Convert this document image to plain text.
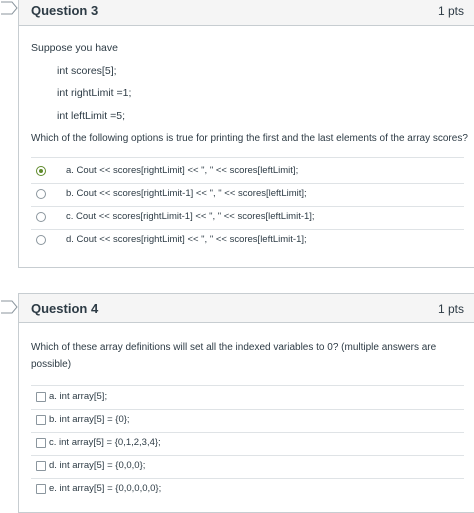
Question 3	1 pts
Suppose you have
int scores[5];
int rightLimit =1;
int leftLimit =5;
Which of the following options is true for printing the first and the last elements of the array scores?
a. Cout << scores[rightLimit] << ", " << scores[leftLimit];
b. Cout << scores[rightLimit-1] << ", " << scores[leftLimit];
c. Cout << scores[rightLimit-1] << ", " << scores[leftLimit-1];
d. Cout << scores[rightLimit] << ", " << scores[leftLimit-1];
Question 4	1 pts
Which of these array definitions will set all the indexed variables to 0? (multiple answers are
possible)
a. int array[5];
b. int array[5] = {0};
c. int array[5] = {0,1,2,3,4};
d. int array[5] = {0,0,0};
e. int array[5] = {0,0,0,0,0};
